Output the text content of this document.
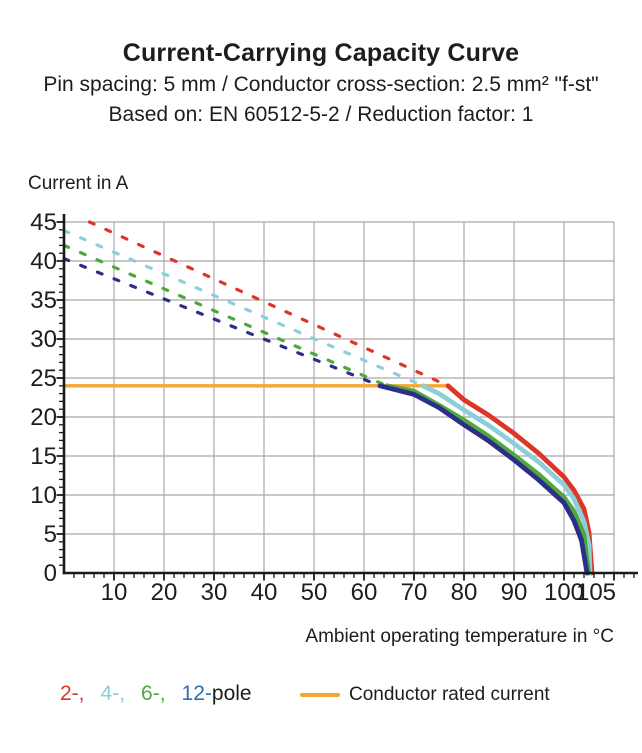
Current-Carrying Capacity Curve
Pin spacing: 5 mm / Conductor cross-section: 2.5 mm² "f-st"
Based on: EN 60512-5-2 / Reduction factor: 1
Current in A
0
5
10
15
20
25
30
35
40
45
10 20 30 40 50 60 70 80 90 100
105
Ambient operating temperature in °C
2-, 4-, 6-, 12- pole	Conductor rated current
